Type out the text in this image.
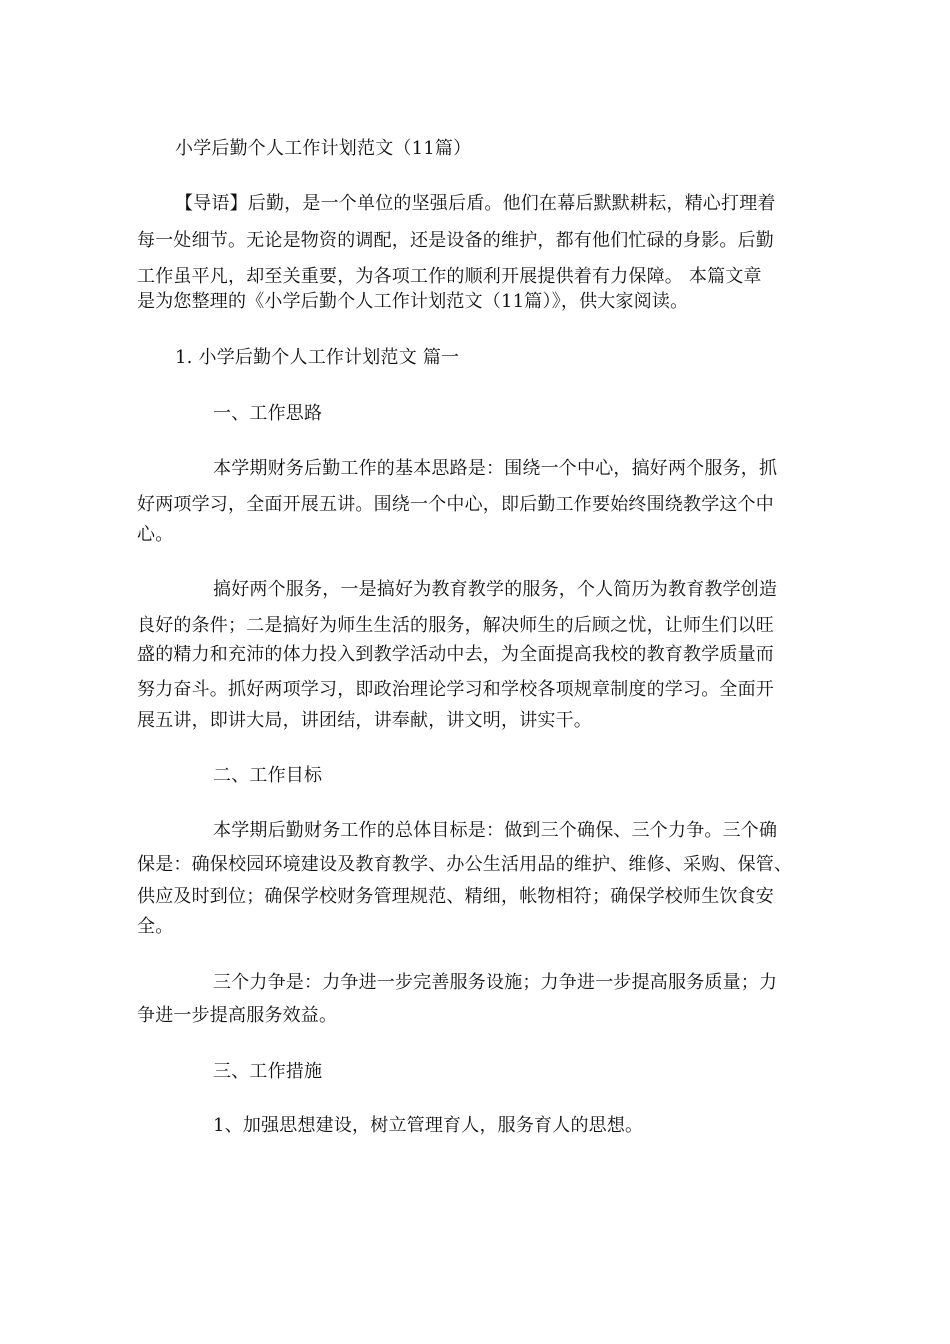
小学后勤个人工作计划范文（11篇）
【导语】后勤，是一个单位的坚强后盾。他们在幕后默默耕耘，精心打理着
每一处细节。无论是物资的调配，还是设备的维护，都有他们忙碌的身影。后勤
工作虽平凡，却至关重要，为各项工作的顺利开展提供着有力保障。 本篇文章
是为您整理的《小学后勤个人工作计划范文（11篇）》，供大家阅读。
1. 小学后勤个人工作计划范文 篇一
一、工作思路
本学期财务后勤工作的基本思路是：围绕一个中心，搞好两个服务，抓
好两项学习，全面开展五讲。围绕一个中心，即后勤工作要始终围绕教学这个中
心。
搞好两个服务，一是搞好为教育教学的服务，个人简历为教育教学创造
良好的条件；二是搞好为师生生活的服务，解决师生的后顾之忧，让师生们以旺
盛的精力和充沛的体力投入到教学活动中去，为全面提高我校的教育教学质量而
努力奋斗。抓好两项学习，即政治理论学习和学校各项规章制度的学习。全面开
展五讲，即讲大局，讲团结，讲奉献，讲文明，讲实干。
二、工作目标
本学期后勤财务工作的总体目标是：做到三个确保、三个力争。三个确
保是：确保校园环境建设及教育教学、办公生活用品的维护、维修、采购、保管、
供应及时到位；确保学校财务管理规范、精细，帐物相符；确保学校师生饮食安
全。
三个力争是：力争进一步完善服务设施；力争进一步提高服务质量；力
争进一步提高服务效益。
三、工作措施
1、加强思想建设，树立管理育人，服务育人的思想。
